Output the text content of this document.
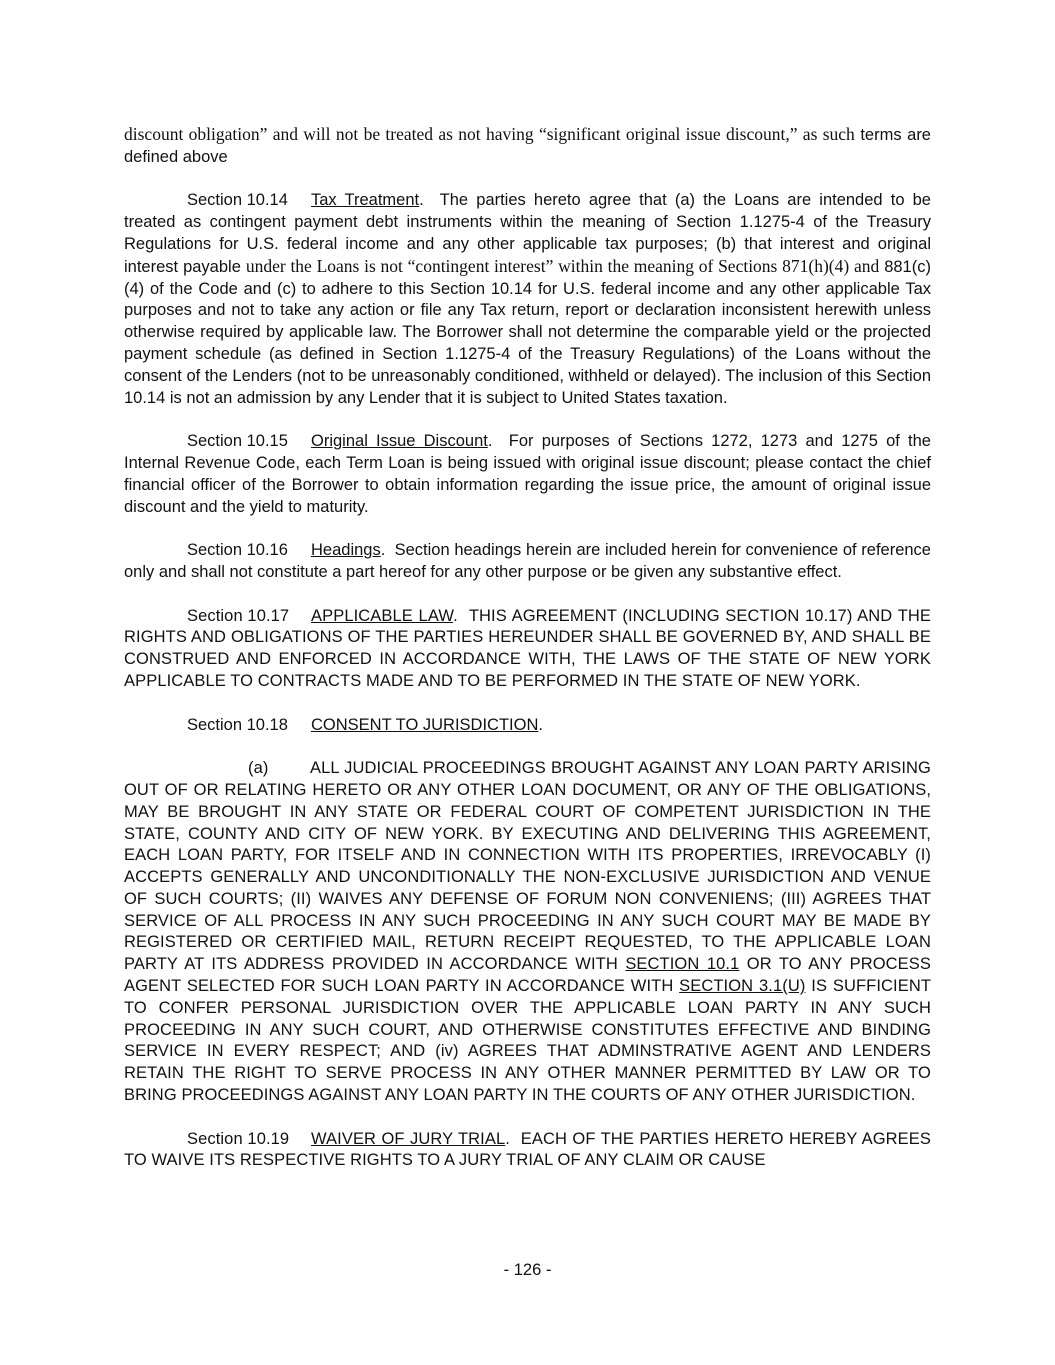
discount obligation” and will not be treated as not having “significant original issue discount,” as such terms are defined above

Section 10.14 Tax Treatment.  The parties hereto agree that (a) the Loans are intended to be treated as contingent payment debt instruments within the meaning of Section 1.1275-4 of the Treasury Regulations for U.S. federal income and any other applicable tax purposes; (b) that interest and original interest payable under the Loans is not “contingent interest” within the meaning of Sections 871(h)(4) and 881(c)(4) of the Code and (c) to adhere to this Section 10.14 for U.S. federal income and any other applicable Tax purposes and not to take any action or file any Tax return, report or declaration inconsistent herewith unless otherwise required by applicable law. The Borrower shall not determine the comparable yield or the projected payment schedule (as defined in Section 1.1275-4 of the Treasury Regulations) of the Loans without the consent of the Lenders (not to be unreasonably conditioned, withheld or delayed). The inclusion of this Section 10.14 is not an admission by any Lender that it is subject to United States taxation.

Section 10.15 Original Issue Discount.  For purposes of Sections 1272, 1273 and 1275 of the Internal Revenue Code, each Term Loan is being issued with original issue discount; please contact the chief financial officer of the Borrower to obtain information regarding the issue price, the amount of original issue discount and the yield to maturity.

Section 10.16 Headings.  Section headings herein are included herein for convenience of reference only and shall not constitute a part hereof for any other purpose or be given any substantive effect.

Section 10.17 APPLICABLE LAW.  THIS AGREEMENT (INCLUDING SECTION 10.17) AND THE RIGHTS AND OBLIGATIONS OF THE PARTIES HEREUNDER SHALL BE GOVERNED BY, AND SHALL BE CONSTRUED AND ENFORCED IN ACCORDANCE WITH, THE LAWS OF THE STATE OF NEW YORK APPLICABLE TO CONTRACTS MADE AND TO BE PERFORMED IN THE STATE OF NEW YORK.

Section 10.18 CONSENT TO JURISDICTION.

(a)	ALL JUDICIAL PROCEEDINGS BROUGHT AGAINST ANY LOAN PARTY ARISING OUT OF OR RELATING HERETO OR ANY OTHER LOAN DOCUMENT, OR ANY OF THE OBLIGATIONS, MAY BE BROUGHT IN ANY STATE OR FEDERAL COURT OF COMPETENT JURISDICTION IN THE STATE, COUNTY AND CITY OF NEW YORK. BY EXECUTING AND DELIVERING THIS AGREEMENT, EACH LOAN PARTY, FOR ITSELF AND IN CONNECTION WITH ITS PROPERTIES, IRREVOCABLY (I) ACCEPTS GENERALLY AND UNCONDITIONALLY THE NON-EXCLUSIVE JURISDICTION AND VENUE OF SUCH COURTS; (II) WAIVES ANY DEFENSE OF FORUM NON CONVENIENS; (III) AGREES THAT SERVICE OF ALL PROCESS IN ANY SUCH PROCEEDING IN ANY SUCH COURT MAY BE MADE BY REGISTERED OR CERTIFIED MAIL, RETURN RECEIPT REQUESTED, TO THE APPLICABLE LOAN PARTY AT ITS ADDRESS PROVIDED IN ACCORDANCE WITH SECTION 10.1 OR TO ANY PROCESS AGENT SELECTED FOR SUCH LOAN PARTY IN ACCORDANCE WITH SECTION 3.1(U) IS SUFFICIENT TO CONFER PERSONAL JURISDICTION OVER THE APPLICABLE LOAN PARTY IN ANY SUCH PROCEEDING IN ANY SUCH COURT, AND OTHERWISE CONSTITUTES EFFECTIVE AND BINDING SERVICE IN EVERY RESPECT; AND (iv) AGREES THAT ADMINSTRATIVE AGENT AND LENDERS RETAIN THE RIGHT TO SERVE PROCESS IN ANY OTHER MANNER PERMITTED BY LAW OR TO BRING PROCEEDINGS AGAINST ANY LOAN PARTY IN THE COURTS OF ANY OTHER JURISDICTION.

Section 10.19 WAIVER OF JURY TRIAL.  EACH OF THE PARTIES HERETO HEREBY AGREES TO WAIVE ITS RESPECTIVE RIGHTS TO A JURY TRIAL OF ANY CLAIM OR CAUSE

- 126 -
